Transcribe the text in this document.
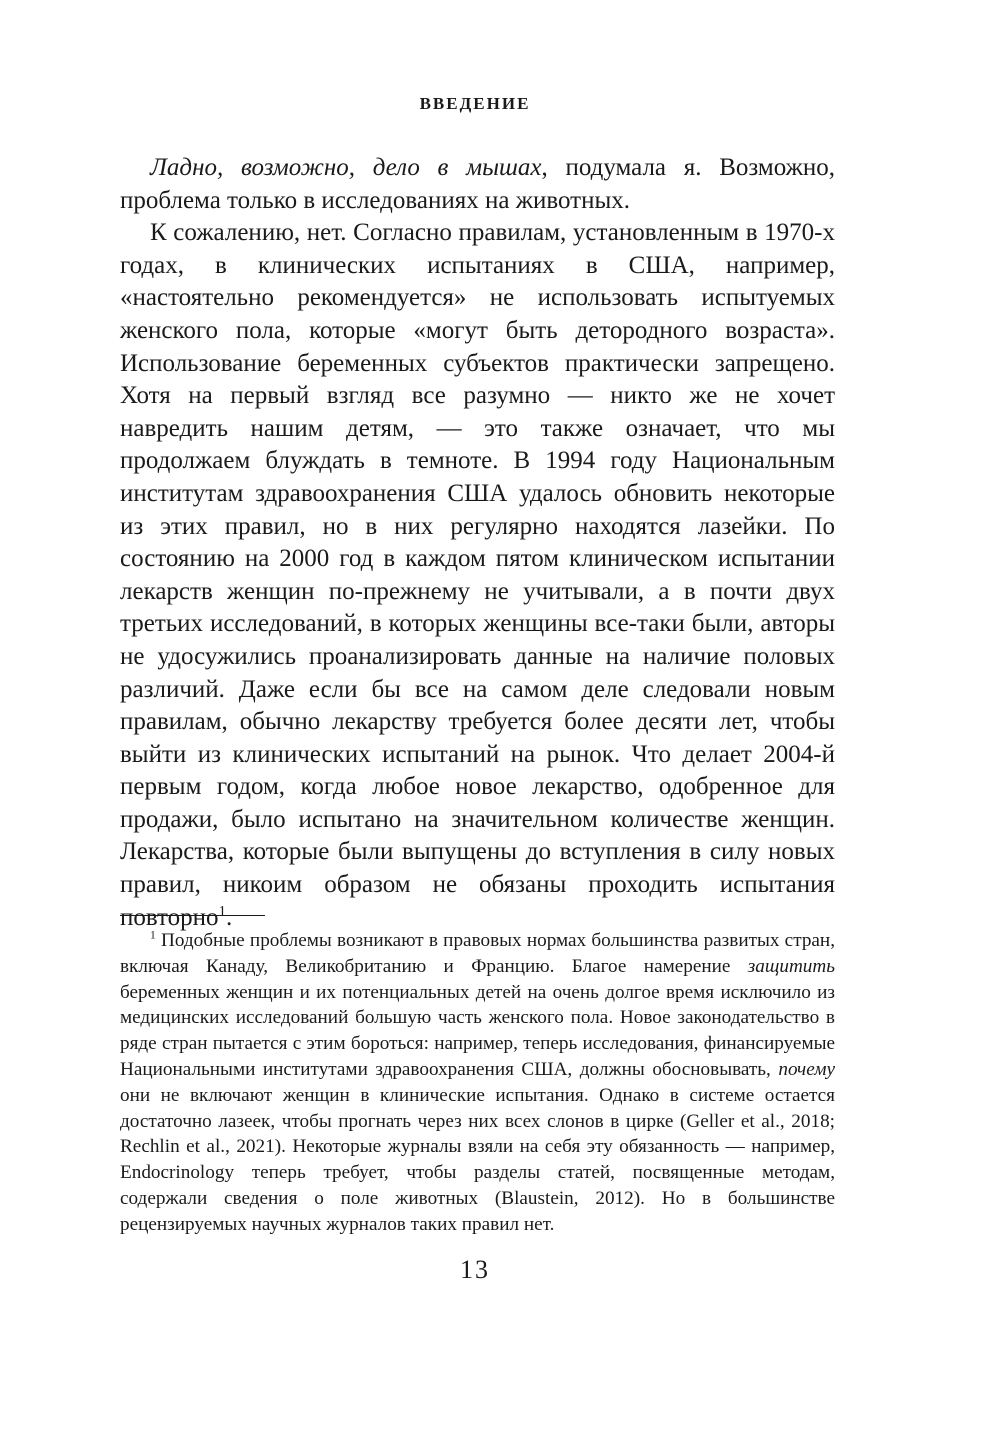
ВВЕДЕНИЕ

Ладно, возможно, дело в мышах, подумала я. Возможно, проблема только в исследованиях на животных.

К сожалению, нет. Согласно правилам, установленным в 1970-х годах, в клинических испытаниях в США, например, «настоятельно рекомендуется» не использовать испытуемых женского пола, которые «могут быть детородного возраста». Использование беременных субъектов практически запрещено. Хотя на первый взгляд все разумно — никто же не хочет навредить нашим детям, — это также означает, что мы продолжаем блуждать в темноте. В 1994 году Национальным институтам здравоохранения США удалось обновить некоторые из этих правил, но в них регулярно находятся лазейки. По состоянию на 2000 год в каждом пятом клиническом испытании лекарств женщин по-прежнему не учитывали, а в почти двух третьих исследований, в которых женщины все-таки были, авторы не удосужились проанализировать данные на наличие половых различий. Даже если бы все на самом деле следовали новым правилам, обычно лекарству требуется более десяти лет, чтобы выйти из клинических испытаний на рынок. Что делает 2004-й первым годом, когда любое новое лекарство, одобренное для продажи, было испытано на значительном количестве женщин. Лекарства, которые были выпущены до вступления в силу новых правил, никоим образом не обязаны проходить испытания повторно$^1$.

$^1$ Подобные проблемы возникают в правовых нормах большинства развитых стран, включая Канаду, Великобританию и Францию. Благое намерение защитить беременных женщин и их потенциальных детей на очень долгое время исключило из медицинских исследований большую часть женского пола. Новое законодательство в ряде стран пытается с этим бороться: например, теперь исследования, финансируемые Национальными институтами здравоохранения США, должны обосновывать, почему они не включают женщин в клинические испытания. Однако в системе остается достаточно лазеек, чтобы прогнать через них всех слонов в цирке (Geller et al., 2018; Rechlin et al., 2021). Некоторые журналы взяли на себя эту обязанность — например, Endocrinology теперь требует, чтобы разделы статей, посвященные методам, содержали сведения о поле животных (Blaustein, 2012). Но в большинстве рецензируемых научных журналов таких правил нет.

13
